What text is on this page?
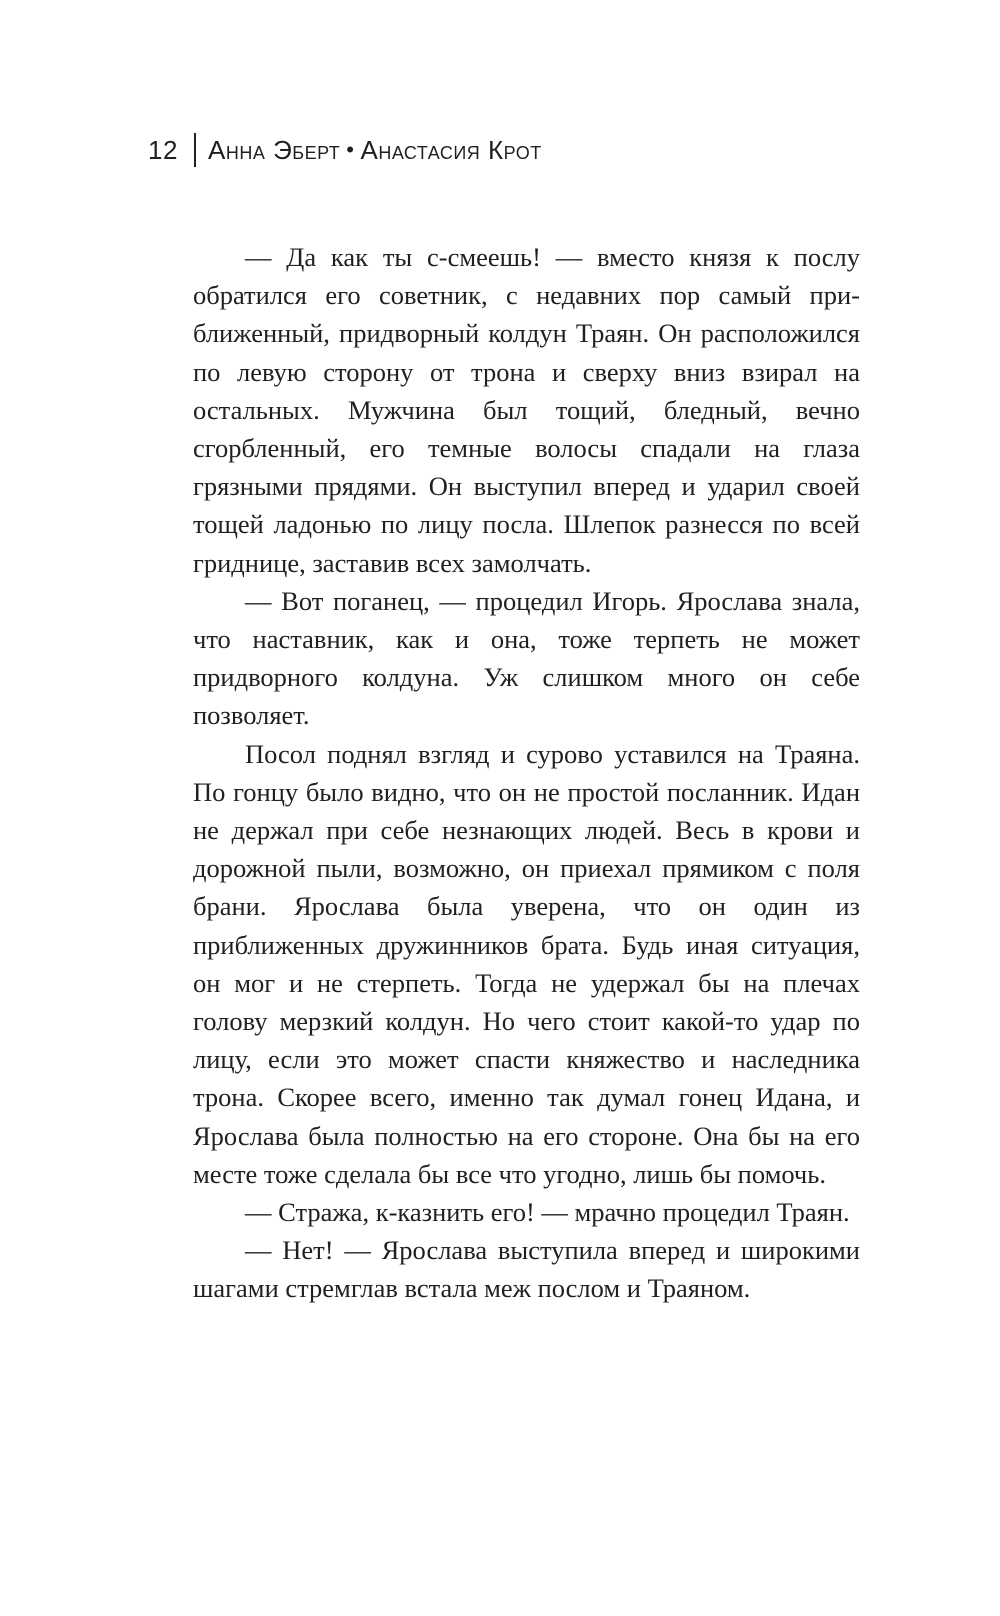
12 Анна Эберт • Анастасия Крот

— Да как ты с-смеешь! — вместо князя к послу обратился его советник, с недавних пор самый приближенный, придворный колдун Траян. Он расположился по левую сторону от трона и сверху вниз взирал на остальных. Мужчина был тощий, бледный, вечно сгорбленный, его темные волосы спадали на глаза грязными прядями. Он выступил вперед и ударил своей тощей ладонью по лицу посла. Шлепок разнесся по всей гриднице, заставив всех замолчать.

— Вот поганец, — процедил Игорь. Ярослава знала, что наставник, как и она, тоже терпеть не может придворного колдуна. Уж слишком много он себе позволяет.

Посол поднял взгляд и сурово уставился на Траяна. По гонцу было видно, что он не простой посланник. Идан не держал при себе незнающих людей. Весь в крови и дорожной пыли, возможно, он приехал прямиком с поля брани. Ярослава была уверена, что он один из приближенных дружинников брата. Будь иная ситуация, он мог и не стерпеть. Тогда не удержал бы на плечах голову мерзкий колдун. Но чего стоит какой-то удар по лицу, если это может спасти княжество и наследника трона. Скорее всего, именно так думал гонец Идана, и Ярослава была полностью на его стороне. Она бы на его месте тоже сделала бы все что угодно, лишь бы помочь.

— Стража, к-казнить его! — мрачно процедил Траян.

— Нет! — Ярослава выступила вперед и широкими шагами стремглав встала меж послом и Траяном.
